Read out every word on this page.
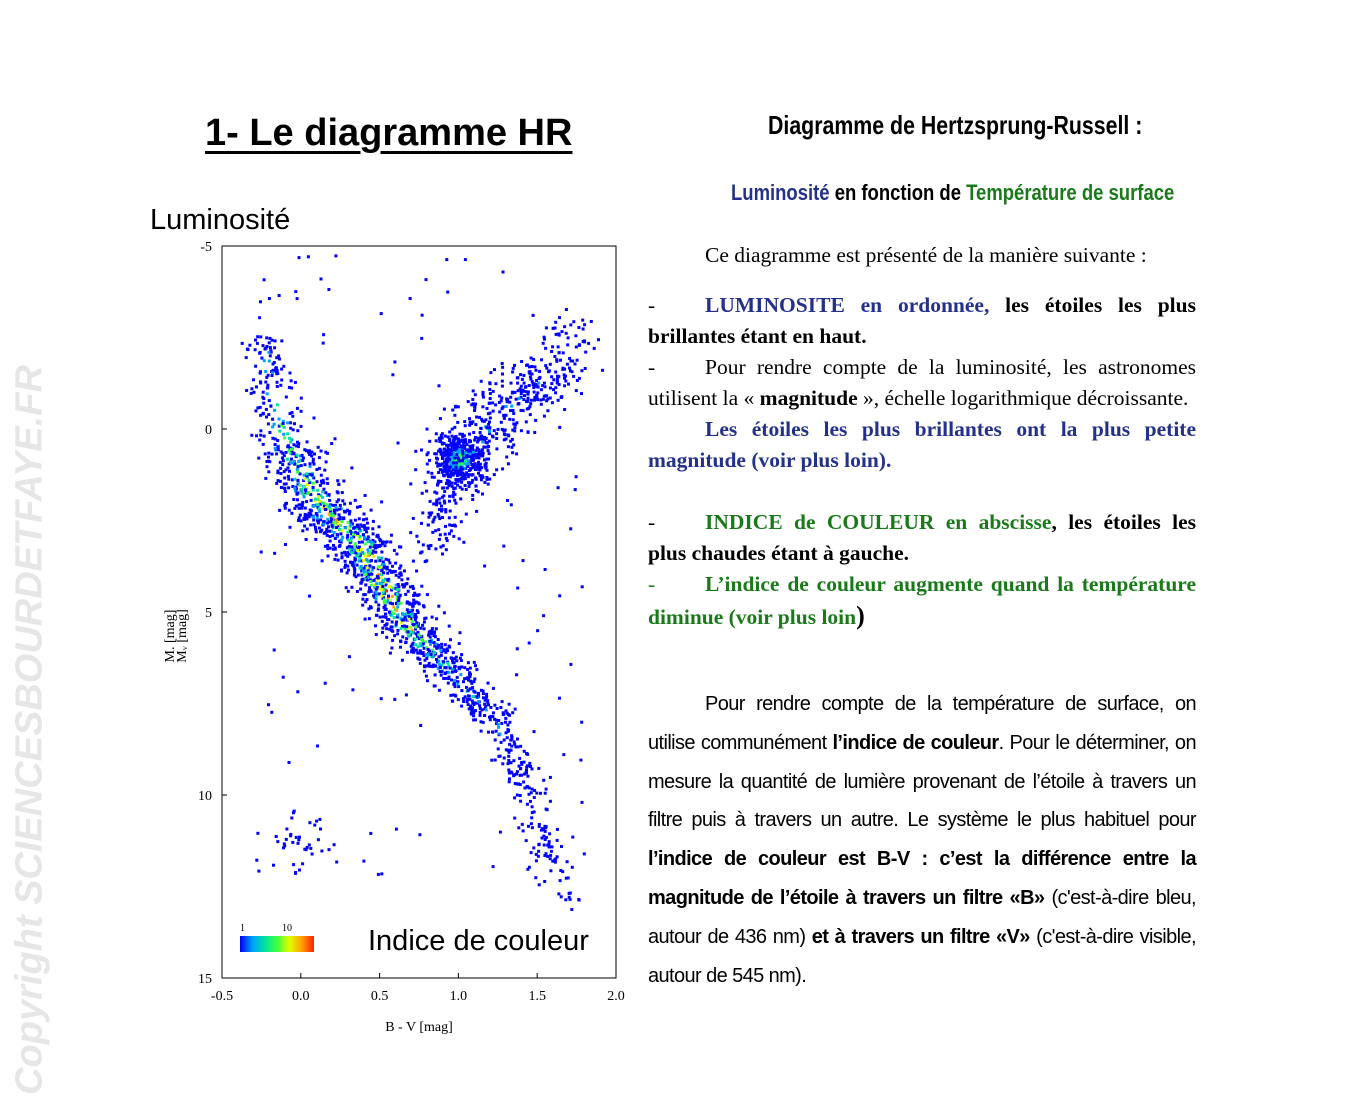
Copyright SCIENCESBOURDETFAYE.FR
1- Le diagramme HR
Luminosité
-0.5	0.0	0.5	1.0	1.5	2.0
-5
0
5
10
15
B - V [mag]
Mᵥ [mag]
M. [mag]
1	10	Indice de couleur
Diagramme de Hertzsprung-Russell :
Luminosité en fonction de Température de surface
Ce diagramme est présenté de la manière suivante :

- LUMINOSITE en ordonnée, les étoiles les plus brillantes étant en haut.

- Pour rendre compte de la luminosité, les astronomes utilisent la « magnitude », échelle logarithmique décroissante.

Les étoiles les plus brillantes ont la plus petite magnitude (voir plus loin).

- INDICE de COULEUR en abscisse, les étoiles les plus chaudes étant à gauche.

- L’indice de couleur augmente quand la température diminue (voir plus loin)

Pour rendre compte de la température de surface, on utilise communément l’indice de couleur. Pour le déterminer, on mesure la quantité de lumière provenant de l’étoile à travers un filtre puis à travers un autre. Le système le plus habituel pour l’indice de couleur est B-V : c’est la différence entre la magnitude de l’étoile à travers un filtre «B» (c'est-à-dire bleu, autour de 436 nm) et à travers un filtre «V» (c'est-à-dire visible, autour de 545 nm).
